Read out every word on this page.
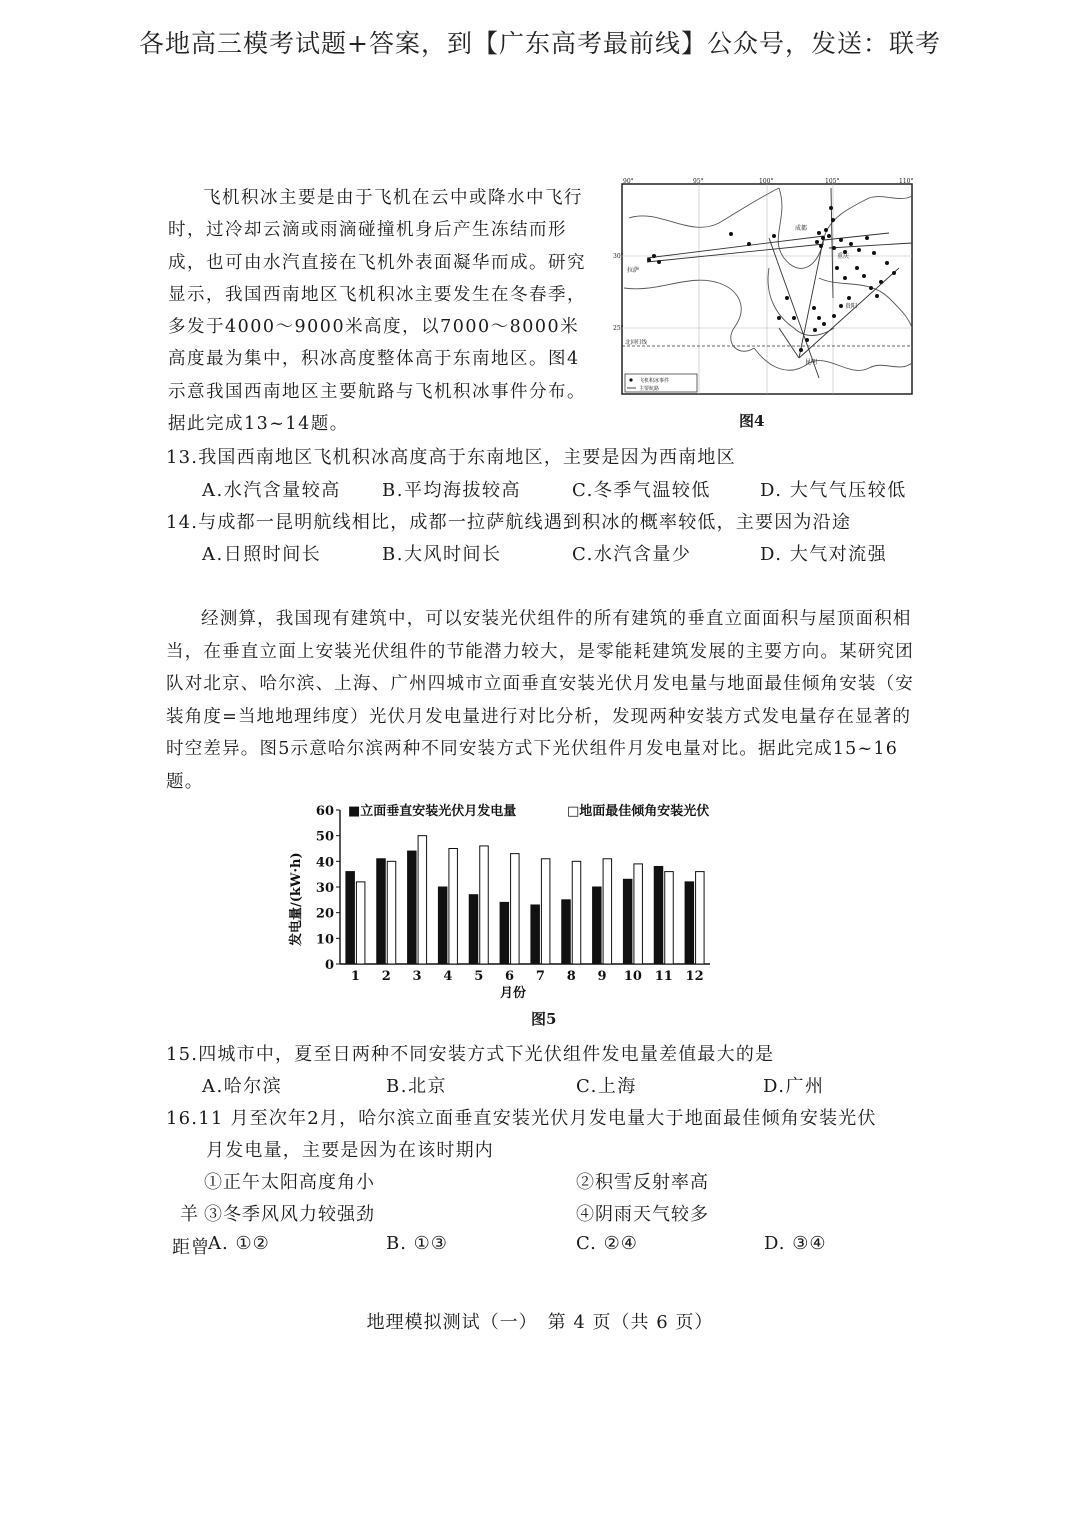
各地高三模考试题+答案，到【广东高考最前线】公众号，发送：联考

飞机积冰主要是由于飞机在云中或降水中飞行时，过冷却云滴或雨滴碰撞机身后产生冻结而形成，也可由水汽直接在飞机外表面凝华而成。研究显示，我国西南地区飞机积冰主要发生在冬春季，多发于4000～9000米高度，以7000～8000米高度最为集中，积冰高度整体高于东南地区。图4示意我国西南地区主要航路与飞机积冰事件分布。据此完成13~14题。

90°	95°	100°	105°	110°
30°
25°
成都
重庆
拉萨
贵阳
昆明
北回归线
飞机积冰事件
主要航路
图4
13.我国西南地区飞机积冰高度高于东南地区，主要是因为西南地区
A.水汽含量较高	B.平均海拔较高	C.冬季气温较低	D. 大气气压较低
14.与成都一昆明航线相比，成都一拉萨航线遇到积冰的概率较低，主要因为沿途
A.日照时间长	B.大风时间长	C.水汽含量少	D. 大气对流强

经测算，我国现有建筑中，可以安装光伏组件的所有建筑的垂直立面面积与屋顶面积相当，在垂直立面上安装光伏组件的节能潜力较大，是零能耗建筑发展的主要方向。某研究团队对北京、哈尔滨、上海、广州四城市立面垂直安装光伏月发电量与地面最佳倾角安装（安装角度=当地地理纬度）光伏月发电量进行对比分析，发现两种安装方式发电量存在显著的时空差异。图5示意哈尔滨两种不同安装方式下光伏组件月发电量对比。据此完成15~16题。

发电量/(kW·h)
月份
■立面垂直安装光伏月发电量	□地面最佳倾角安装光伏
0
10
20
30
40
50
60
1 2 3 4 5 6 7 8 9 10 11 12
图5
15.四城市中，夏至日两种不同安装方式下光伏组件发电量差值最大的是
A.哈尔滨	B.北京	C.上海	D.广州
16.11 月至次年2月，哈尔滨立面垂直安装光伏月发电量大于地面最佳倾角安装光伏
月发电量，主要是因为在该时期内
①正午太阳高度角小	②积雪反射率高
羊 ③冬季风风力较强劲	④阴雨天气较多
距曾
A. ①②	B. ①③	C. ②④	D. ③④
地理模拟测试（一）　第 4 页（共 6 页）
